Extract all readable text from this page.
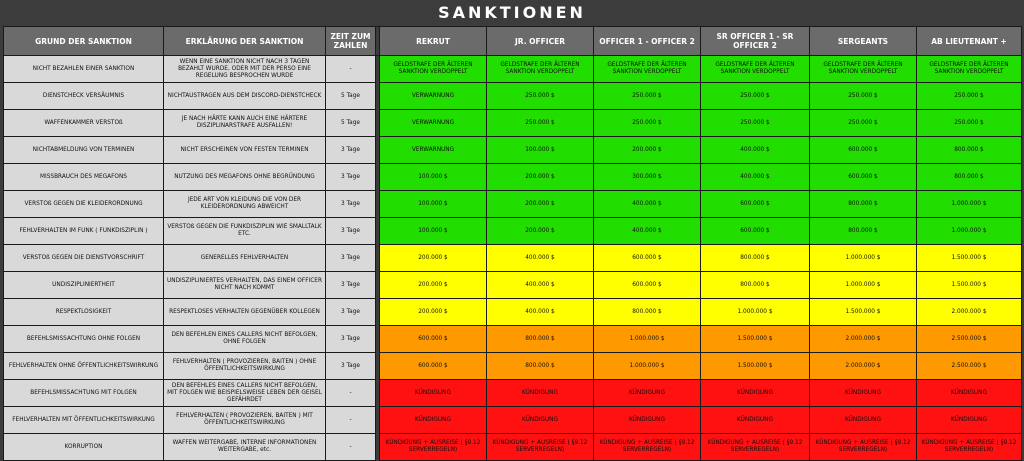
SANKTIONEN
GRUND DER SANKTION	ERKLÄRUNG DER SANKTION	ZEIT ZUM ZAHLEN		REKRUT	JR. OFFICER	OFFICER 1 - OFFICER 2	SR OFFICER 1 - SR OFFICER 2	SERGEANTS	AB LIEUTENANT +
NICHT BEZAHLEN EINER SANKTION	WENN EINE SANKTION NICHT NACH 3 TAGEN BEZAHLT WURDE, ODER MIT DER PERSO EINE REGELUNG BESPROCHEN WURDE	-		GELDSTRAFE DER ÄLTEREN SANKTION VERDOPPELT	GELDSTRAFE DER ÄLTEREN SANKTION VERDOPPELT	GELDSTRAFE DER ÄLTEREN SANKTION VERDOPPELT	GELDSTRAFE DER ÄLTEREN SANKTION VERDOPPELT	GELDSTRAFE DER ÄLTEREN SANKTION VERDOPPELT	GELDSTRAFE DER ÄLTEREN SANKTION VERDOPPELT
DIENSTCHECK VERSÄUMNIS	NICHTAUSTRAGEN AUS DEM DISCORD-DIENSTCHECK	5 Tage		VERWARNUNG	250.000 $	250.000 $	250.000 $	250.000 $	250.000 $
WAFFENKAMMER VERSTOß	JE NACH HÄRTE KANN AUCH EINE HÄRTERE DISZIPLINARSTRAFE AUSFALLEN!	5 Tage		VERWARNUNG	250.000 $	250.000 $	250.000 $	250.000 $	250.000 $
NICHTABMELDUNG VON TERMINEN	NICHT ERSCHEINEN VON FESTEN TERMINEN	3 Tage		VERWARNUNG	100.000 $	200.000 $	400.000 $	600.000 $	800.000 $
MISSBRAUCH DES MEGAFONS	NUTZUNG DES MEGAFONS OHNE BEGRÜNDUNG	3 Tage		100.000 $	200.000 $	300.000 $	400.000 $	600.000 $	800.000 $
VERSTOß GEGEN DIE KLEIDERORDNUNG	JEDE ART VON KLEIDUNG DIE VON DER KLEIDERORDNUNG ABWEICHT	3 Tage		100.000 $	200.000 $	400.000 $	600.000 $	800.000 $	1.000.000 $
FEHLVERHALTEN IM FUNK ( FUNKDISZIPLIN )	VERSTOß GEGEN DIE FUNKDISZIPLIN WIE SMALLTALK ETC.	3 Tage		100.000 $	200.000 $	400.000 $	600.000 $	800.000 $	1.000.000 $
VERSTOß GEGEN DIE DIENSTVORSCHRIFT	GENERELLES FEHLVERHALTEN	3 Tage		200.000 $	400.000 $	600.000 $	800.000 $	1.000.000 $	1.500.000 $
UNDISZIPLINIERTHEIT	UNDISZIPLINIERTES VERHALTEN, DAS EINEM OFFICER NICHT NACH KOMMT	3 Tage		200.000 $	400.000 $	600.000 $	800.000 $	1.000.000 $	1.500.000 $
RESPEKTLOSIGKEIT	RESPEKTLOSES VERHALTEN GEGENÜBER KOLLEGEN	3 Tage		200.000 $	400.000 $	800.000 $	1.000.000 $	1.500.000 $	2.000.000 $
BEFEHLSMISSACHTUNG OHNE FOLGEN	DEN BEFEHLEN EINES CALLERS NICHT BEFOLGEN, OHNE FOLGEN	3 Tage		600.000 $	800.000 $	1.000.000 $	1.500.000 $	2.000.000 $	2.500.000 $
FEHLVERHALTEN OHNE ÖFFENTLICHKEITSWIRKUNG	FEHLVERHALTEN ( PROVOZIEREN, BAITEN ) OHNE ÖFFENTLICHKEITSWIRKUNG	3 Tage		600.000 $	800.000 $	1.000.000 $	1.500.000 $	2.000.000 $	2.500.000 $
BEFEHLSMISSACHTUNG MIT FOLGEN	DEN BEFEHLES EINES CALLERS NICHT BEFOLGEN, MIT FOLGEN WIE BEISPIELSWEISE LEBEN DER GEISEL GEFÄHRDET	-		KÜNDIGUNG	KÜNDIGUNG	KÜNDIGUNG	KÜNDIGUNG	KÜNDIGUNG	KÜNDIGUNG
FEHLVERHALTEN MIT ÖFFENTLICHKEITSWIRKUNG	FEHLVERHALTEN ( PROVOZIEREN, BAITEN ) MIT ÖFFENTLICHKEITSWIRKUNG	-		KÜNDIGUNG	KÜNDIGUNG	KÜNDIGUNG	KÜNDIGUNG	KÜNDIGUNG	KÜNDIGUNG
KORRUPTION	WAFFEN WEITERGABE, INTERNE INFORMATIONEN WEITERGABE, etc.	-		KÜNDIGUNG + AUSREISE ( §9.12 SERVERREGELN)	KÜNDIGUNG + AUSREISE ( §9.12 SERVERREGELN)	KÜNDIGUNG + AUSREISE ( §9.12 SERVERREGELN)	KÜNDIGUNG + AUSREISE ( §9.12 SERVERREGELN)	KÜNDIGUNG + AUSREISE ( §9.12 SERVERREGELN)	KÜNDIGUNG + AUSREISE ( §9.12 SERVERREGELN)
